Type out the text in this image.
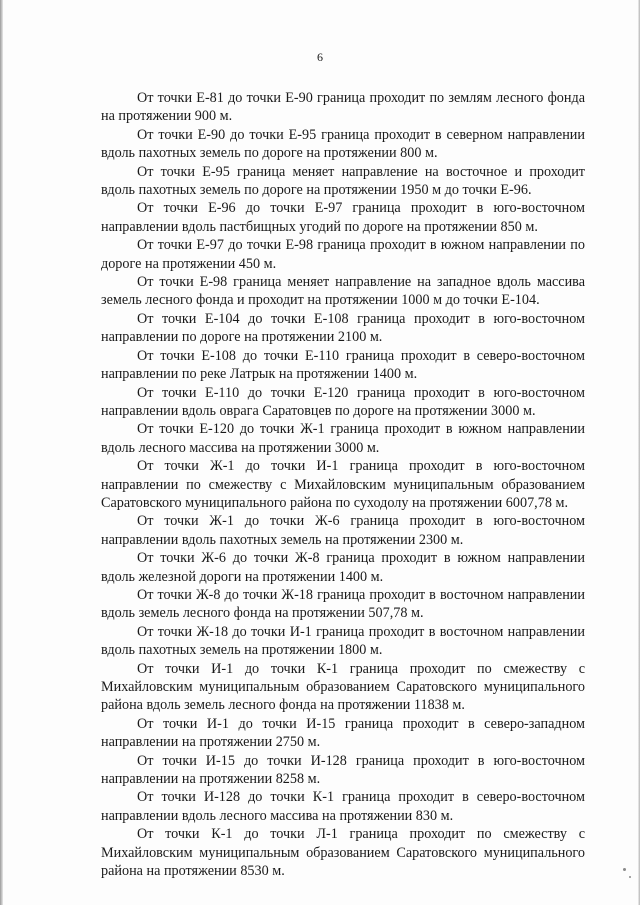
6

От точки Е-81 до точки Е-90 граница проходит по землям лесного фонда на протяжении 900 м.

От точки Е-90 до точки Е-95 граница проходит в северном направлении вдоль пахотных земель по дороге на протяжении 800 м.

От точки Е-95 граница меняет направление на восточное и проходит вдоль пахотных земель по дороге на протяжении 1950 м до точки Е-96.

От точки Е-96 до точки Е-97 граница проходит в юго-восточном направлении вдоль пастбищных угодий по дороге на протяжении 850 м.

От точки Е-97 до точки Е-98 граница проходит в южном направлении по дороге на протяжении 450 м.

От точки Е-98 граница меняет направление на западное вдоль массива земель лесного фонда и проходит на протяжении 1000 м до точки Е-104.

От точки Е-104 до точки Е-108 граница проходит в юго-восточном направлении по дороге на протяжении 2100 м.

От точки Е-108 до точки Е-110 граница проходит в северо-восточном направлении по реке Латрык на протяжении 1400 м.

От точки Е-110 до точки Е-120 граница проходит в юго-восточном направлении вдоль оврага Саратовцев по дороге на протяжении 3000 м.

От точки Е-120 до точки Ж-1 граница проходит в южном направлении вдоль лесного массива на протяжении 3000 м.

От точки Ж-1 до точки И-1 граница проходит в юго-восточном направлении по смежеству с Михайловским муниципальным образованием Саратовского муниципального района по суходолу на протяжении 6007,78 м.

От точки Ж-1 до точки Ж-6 граница проходит в юго-восточном направлении вдоль пахотных земель на протяжении 2300 м.

От точки Ж-6 до точки Ж-8 граница проходит в южном направлении вдоль железной дороги на протяжении 1400 м.

От точки Ж-8 до точки Ж-18 граница проходит в восточном направлении вдоль земель лесного фонда на протяжении 507,78 м.

От точки Ж-18 до точки И-1 граница проходит в восточном направлении вдоль пахотных земель на протяжении 1800 м.

От точки И-1 до точки К-1 граница проходит по смежеству с Михайловским муниципальным образованием Саратовского муниципального района вдоль земель лесного фонда на протяжении 11838 м.

От точки И-1 до точки И-15 граница проходит в северо-западном направлении на протяжении 2750 м.

От точки И-15 до точки И-128 граница проходит в юго-восточном направлении на протяжении 8258 м.

От точки И-128 до точки К-1 граница проходит в северо-восточном направлении вдоль лесного массива на протяжении 830 м.

От точки К-1 до точки Л-1 граница проходит по смежеству с Михайловским муниципальным образованием Саратовского муниципального района на протяжении 8530 м.
